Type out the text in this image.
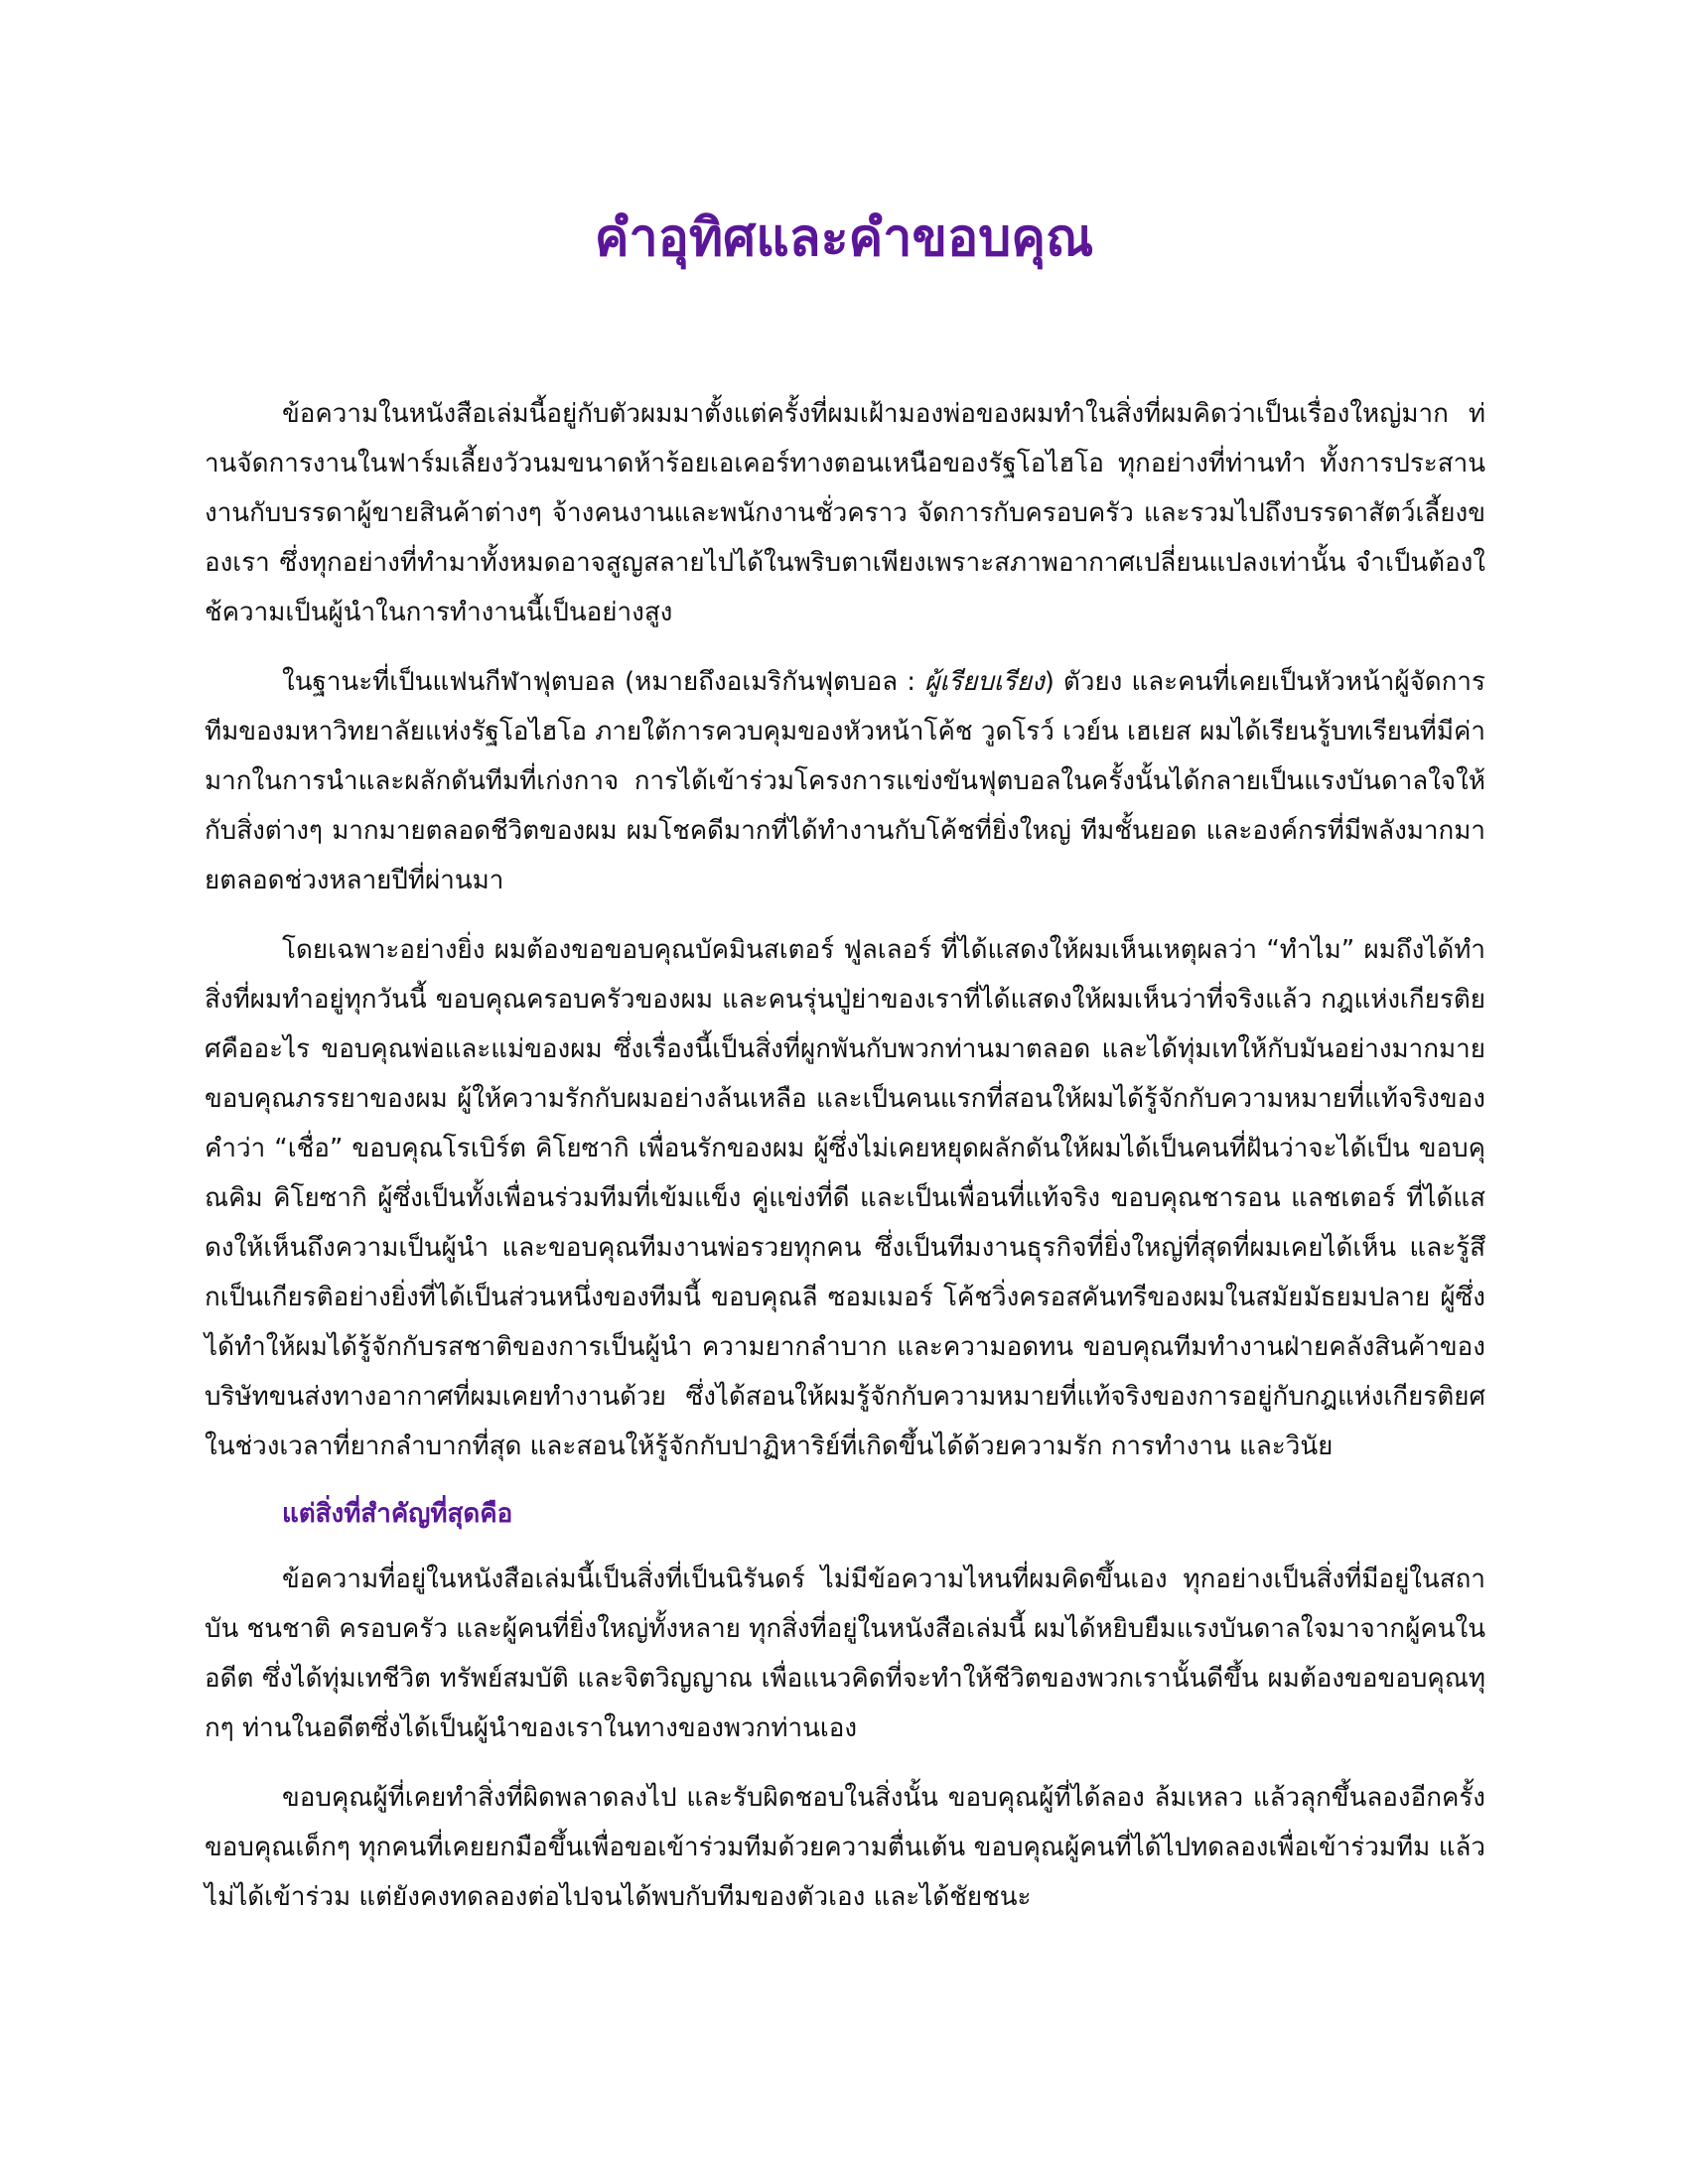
คำอุทิศและคำขอบคุณ

ข้อความในหนังสือเล่มนี้อยู่กับตัวผมมาตั้งแต่ครั้งที่ผมเฝ้ามองพ่อของผมทำในสิ่งที่ผมคิดว่าเป็นเรื่องใหญ่มาก ท่านจัดการงานในฟาร์มเลี้ยงวัวนมขนาดห้าร้อยเอเคอร์ทางตอนเหนือของรัฐโอไฮโอ ทุกอย่างที่ท่านทำ ทั้งการประสานงานกับบรรดาผู้ขายสินค้าต่างๆ จ้างคนงานและพนักงานชั่วคราว จัดการกับครอบครัว และรวมไปถึงบรรดาสัตว์เลี้ยงของเรา ซึ่งทุกอย่างที่ทำมาทั้งหมดอาจสูญสลายไปได้ในพริบตาเพียงเพราะสภาพอากาศเปลี่ยนแปลงเท่านั้น จำเป็นต้องใช้ความเป็นผู้นำในการทำงานนี้เป็นอย่างสูง

ในฐานะที่เป็นแฟนกีฬาฟุตบอล (หมายถึงอเมริกันฟุตบอล : ผู้เรียบเรียง) ตัวยง และคนที่เคยเป็นหัวหน้าผู้จัดการทีมของมหาวิทยาลัยแห่งรัฐโอไฮโอ ภายใต้การควบคุมของหัวหน้าโค้ช วูดโรว์ เวย์น เฮเยส ผมได้เรียนรู้บทเรียนที่มีค่ามากในการนำและผลักดันทีมที่เก่งกาจ การได้เข้าร่วมโครงการแข่งขันฟุตบอลในครั้งนั้นได้กลายเป็นแรงบันดาลใจให้กับสิ่งต่างๆ มากมายตลอดชีวิตของผม ผมโชคดีมากที่ได้ทำงานกับโค้ชที่ยิ่งใหญ่ ทีมชั้นยอด และองค์กรที่มีพลังมากมายตลอดช่วงหลายปีที่ผ่านมา

โดยเฉพาะอย่างยิ่ง ผมต้องขอขอบคุณบัคมินสเตอร์ ฟูลเลอร์ ที่ได้แสดงให้ผมเห็นเหตุผลว่า “ทำไม” ผมถึงได้ทำสิ่งที่ผมทำอยู่ทุกวันนี้ ขอบคุณครอบครัวของผม และคนรุ่นปู่ย่าของเราที่ได้แสดงให้ผมเห็นว่าที่จริงแล้ว กฎแห่งเกียรติยศคืออะไร ขอบคุณพ่อและแม่ของผม ซึ่งเรื่องนี้เป็นสิ่งที่ผูกพันกับพวกท่านมาตลอด และได้ทุ่มเทให้กับมันอย่างมากมาย ขอบคุณภรรยาของผม ผู้ให้ความรักกับผมอย่างล้นเหลือ และเป็นคนแรกที่สอนให้ผมได้รู้จักกับความหมายที่แท้จริงของคำว่า “เชื่อ” ขอบคุณโรเบิร์ต คิโยซากิ เพื่อนรักของผม ผู้ซึ่งไม่เคยหยุดผลักดันให้ผมได้เป็นคนที่ฝันว่าจะได้เป็น ขอบคุณคิม คิโยซากิ ผู้ซึ่งเป็นทั้งเพื่อนร่วมทีมที่เข้มแข็ง คู่แข่งที่ดี และเป็นเพื่อนที่แท้จริง ขอบคุณชารอน แลชเตอร์ ที่ได้แสดงให้เห็นถึงความเป็นผู้นำ และขอบคุณทีมงานพ่อรวยทุกคน ซึ่งเป็นทีมงานธุรกิจที่ยิ่งใหญ่ที่สุดที่ผมเคยได้เห็น และรู้สึกเป็นเกียรติอย่างยิ่งที่ได้เป็นส่วนหนึ่งของทีมนี้ ขอบคุณลี ซอมเมอร์ โค้ชวิ่งครอสคันทรีของผมในสมัยมัธยมปลาย ผู้ซึ่งได้ทำให้ผมได้รู้จักกับรสชาติของการเป็นผู้นำ ความยากลำบาก และความอดทน ขอบคุณทีมทำงานฝ่ายคลังสินค้าของบริษัทขนส่งทางอากาศที่ผมเคยทำงานด้วย ซึ่งได้สอนให้ผมรู้จักกับความหมายที่แท้จริงของการอยู่กับกฎแห่งเกียรติยศ ในช่วงเวลาที่ยากลำบากที่สุด และสอนให้รู้จักกับปาฏิหาริย์ที่เกิดขึ้นได้ด้วยความรัก การทำงาน และวินัย

แต่สิ่งที่สำคัญที่สุดคือ

ข้อความที่อยู่ในหนังสือเล่มนี้เป็นสิ่งที่เป็นนิรันดร์ ไม่มีข้อความไหนที่ผมคิดขึ้นเอง ทุกอย่างเป็นสิ่งที่มีอยู่ในสถาบัน ชนชาติ ครอบครัว และผู้คนที่ยิ่งใหญ่ทั้งหลาย ทุกสิ่งที่อยู่ในหนังสือเล่มนี้ ผมได้หยิบยืมแรงบันดาลใจมาจากผู้คนในอดีต ซึ่งได้ทุ่มเทชีวิต ทรัพย์สมบัติ และจิตวิญญาณ เพื่อแนวคิดที่จะทำให้ชีวิตของพวกเรานั้นดีขึ้น ผมต้องขอขอบคุณทุกๆ ท่านในอดีตซึ่งได้เป็นผู้นำของเราในทางของพวกท่านเอง

ขอบคุณผู้ที่เคยทำสิ่งที่ผิดพลาดลงไป และรับผิดชอบในสิ่งนั้น ขอบคุณผู้ที่ได้ลอง ล้มเหลว แล้วลุกขึ้นลองอีกครั้ง ขอบคุณเด็กๆ ทุกคนที่เคยยกมือขึ้นเพื่อขอเข้าร่วมทีมด้วยความตื่นเต้น ขอบคุณผู้คนที่ได้ไปทดลองเพื่อเข้าร่วมทีม แล้วไม่ได้เข้าร่วม แต่ยังคงทดลองต่อไปจนได้พบกับทีมของตัวเอง และได้ชัยชนะ
